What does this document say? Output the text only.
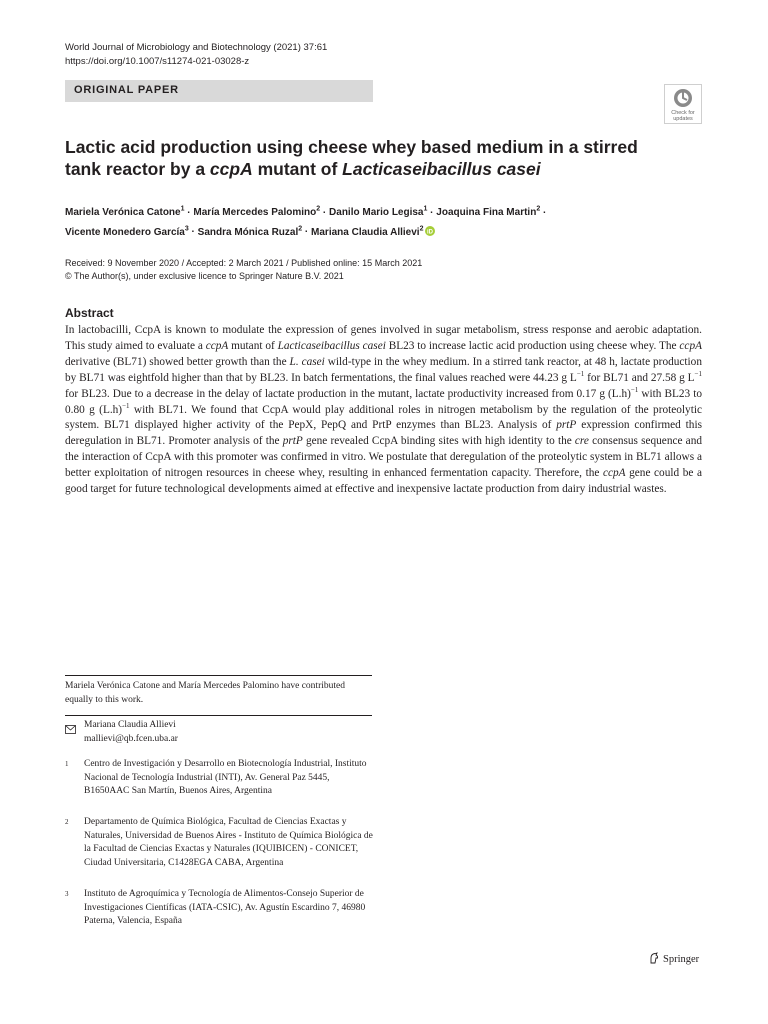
World Journal of Microbiology and Biotechnology (2021) 37:61
https://doi.org/10.1007/s11274-021-03028-z
ORIGINAL PAPER
Check for
updates
Lactic acid production using cheese whey based medium in a stirred tank reactor by a ccpA mutant of Lacticaseibacillus casei
Mariela Verónica Catone$^1$ · María Mercedes Palomino$^2$ · Danilo Mario Legisa$^1$ · Joaquina Fina Martin$^2$ ·
Vicente Monedero García$^3$ · Sandra Mónica Ruzal$^2$ · Mariana Claudia Allievi$^2$ iD
Received: 9 November 2020 / Accepted: 2 March 2021 / Published online: 15 March 2021
© The Author(s), under exclusive licence to Springer Nature B.V. 2021
Abstract
In lactobacilli, CcpA is known to modulate the expression of genes involved in sugar metabolism, stress response and aerobic adaptation. This study aimed to evaluate a ccpA mutant of Lacticaseibacillus casei BL23 to increase lactic acid production using cheese whey. The ccpA derivative (BL71) showed better growth than the L. casei wild-type in the whey medium. In a stirred tank reactor, at 48 h, lactate production by BL71 was eightfold higher than that by BL23. In batch fermentations, the final values reached were 44.23 g $L^{-1}$ for BL71 and 27.58 g $L^{-1}$ for BL23. Due to a decrease in the delay of lactate production in the mutant, lactate productivity increased from 0.17 g $(L.h)^{-1}$ with BL23 to 0.80 g $(L.h)^{-1}$ with BL71. We found that CcpA would play additional roles in nitrogen metabolism by the regulation of the proteolytic system. BL71 displayed higher activity of the PepX, PepQ and PrtP enzymes than BL23. Analysis of prtP expression confirmed this deregulation in BL71. Promoter analysis of the prtP gene revealed CcpA binding sites with high identity to the cre consensus sequence and the interaction of CcpA with this promoter was confirmed in vitro. We postulate that deregulation of the proteolytic system in BL71 allows a better exploitation of nitrogen resources in cheese whey, resulting in enhanced fermentation capacity. Therefore, the ccpA gene could be a good target for future technological developments aimed at effective and inexpensive lactate production from dairy industrial wastes.
Mariela Verónica Catone and María Mercedes Palomino have contributed equally to this work.
Mariana Claudia Allievi
mallievi@qb.fcen.uba.ar
1 Centro de Investigación y Desarrollo en Biotecnología Industrial, Instituto Nacional de Tecnología Industrial (INTI), Av. General Paz 5445, B1650AAC San Martín, Buenos Aires, Argentina
2 Departamento de Química Biológica, Facultad de Ciencias Exactas y Naturales, Universidad de Buenos Aires - Instituto de Química Biológica de la Facultad de Ciencias Exactas y Naturales (IQUIBICEN) - CONICET, Ciudad Universitaria, C1428EGA CABA, Argentina
3 Instituto de Agroquímica y Tecnología de Alimentos-Consejo Superior de Investigaciones Científicas (IATA-CSIC), Av. Agustín Escardino 7, 46980 Paterna, Valencia, España
Springer
